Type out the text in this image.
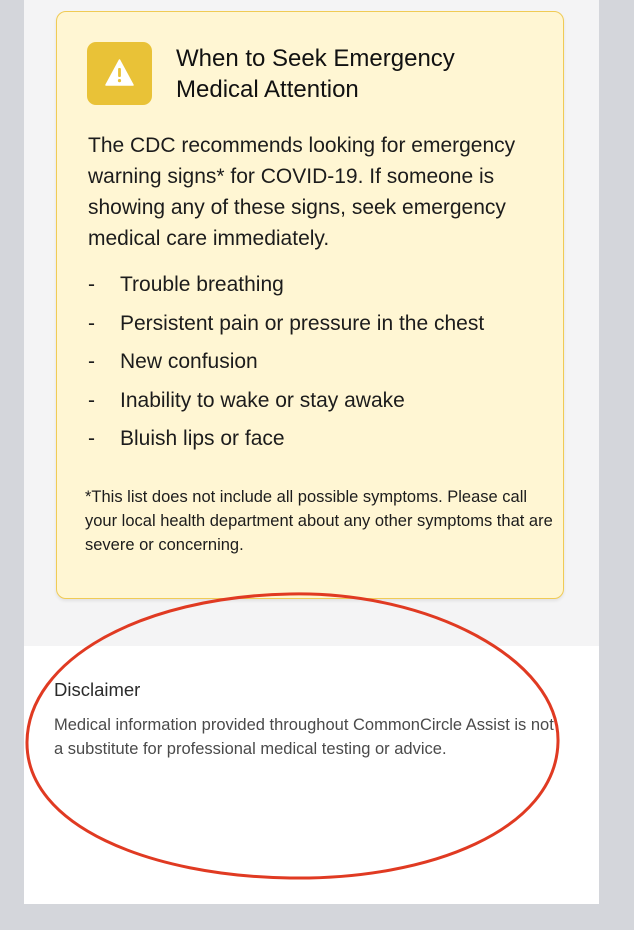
When to Seek Emergency Medical Attention
The CDC recommends looking for emergency warning signs* for COVID-19. If someone is showing any of these signs, seek emergency medical care immediately.
- Trouble breathing
- Persistent pain or pressure in the chest
- New confusion
- Inability to wake or stay awake
- Bluish lips or face
*This list does not include all possible symptoms. Please call your local health department about any other symptoms that are severe or concerning.
Disclaimer
Medical information provided throughout CommonCircle Assist is not a substitute for professional medical testing or advice.
